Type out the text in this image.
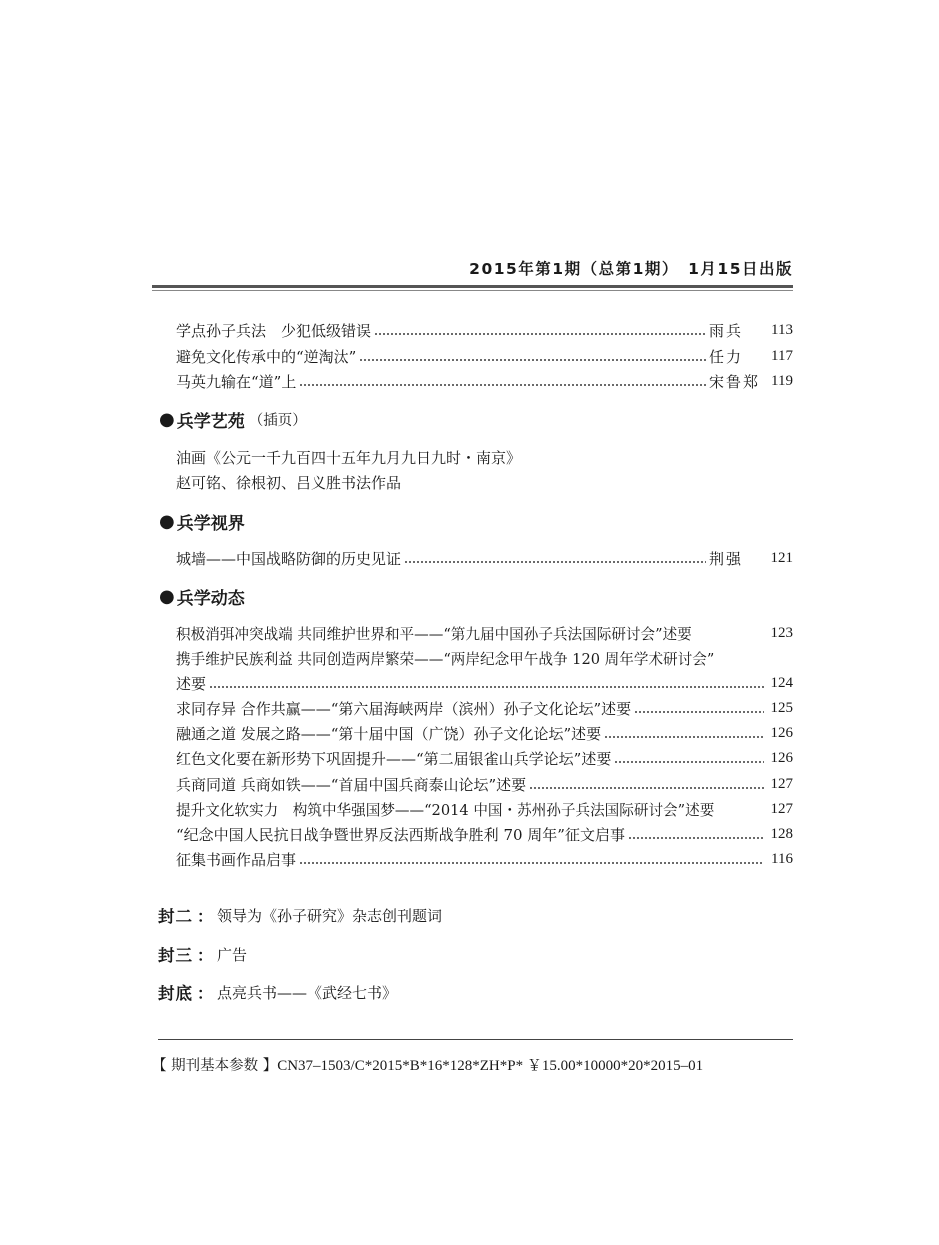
2015年第1期（总第1期）　1月15日出版
学点孙子兵法　少犯低级错误	雨兵	113
避免文化传承中的“逆淘汰”	任力	117
马英九输在“道”上	宋鲁郑 119
● 兵学艺苑 （插页）
油画《公元一千九百四十五年九月九日九时・南京》
赵可铭、徐根初、吕义胜书法作品
● 兵学视界
城墙——中国战略防御的历史见证	荆强	121
● 兵学动态
积极消弭冲突战端 共同维护世界和平——“第九届中国孙子兵法国际研讨会”述要	123
携手维护民族利益 共同创造两岸繁荣——“两岸纪念甲午战争 120 周年学术研讨会”
述要	124
求同存异 合作共赢——“第六届海峡两岸（滨州）孙子文化论坛”述要	125
融通之道 发展之路——“第十届中国（广饶）孙子文化论坛”述要	126
红色文化要在新形势下巩固提升——“第二届银雀山兵学论坛”述要	126
兵商同道 兵商如铁——“首届中国兵商泰山论坛”述要	127
提升文化软实力　构筑中华强国梦——“2014 中国・苏州孙子兵法国际研讨会”述要	127
“纪念中国人民抗日战争暨世界反法西斯战争胜利 70 周年”征文启事	128
征集书画作品启事	116
封二 ： 领导为《孙子研究》杂志创刊题词
封三 ： 广告
封底 ： 点亮兵书——《武经七书》
【 期刊基本参数 】CN37–1503/C*2015*B*16*128*ZH*P* ￥15.00*10000*20*2015–01
